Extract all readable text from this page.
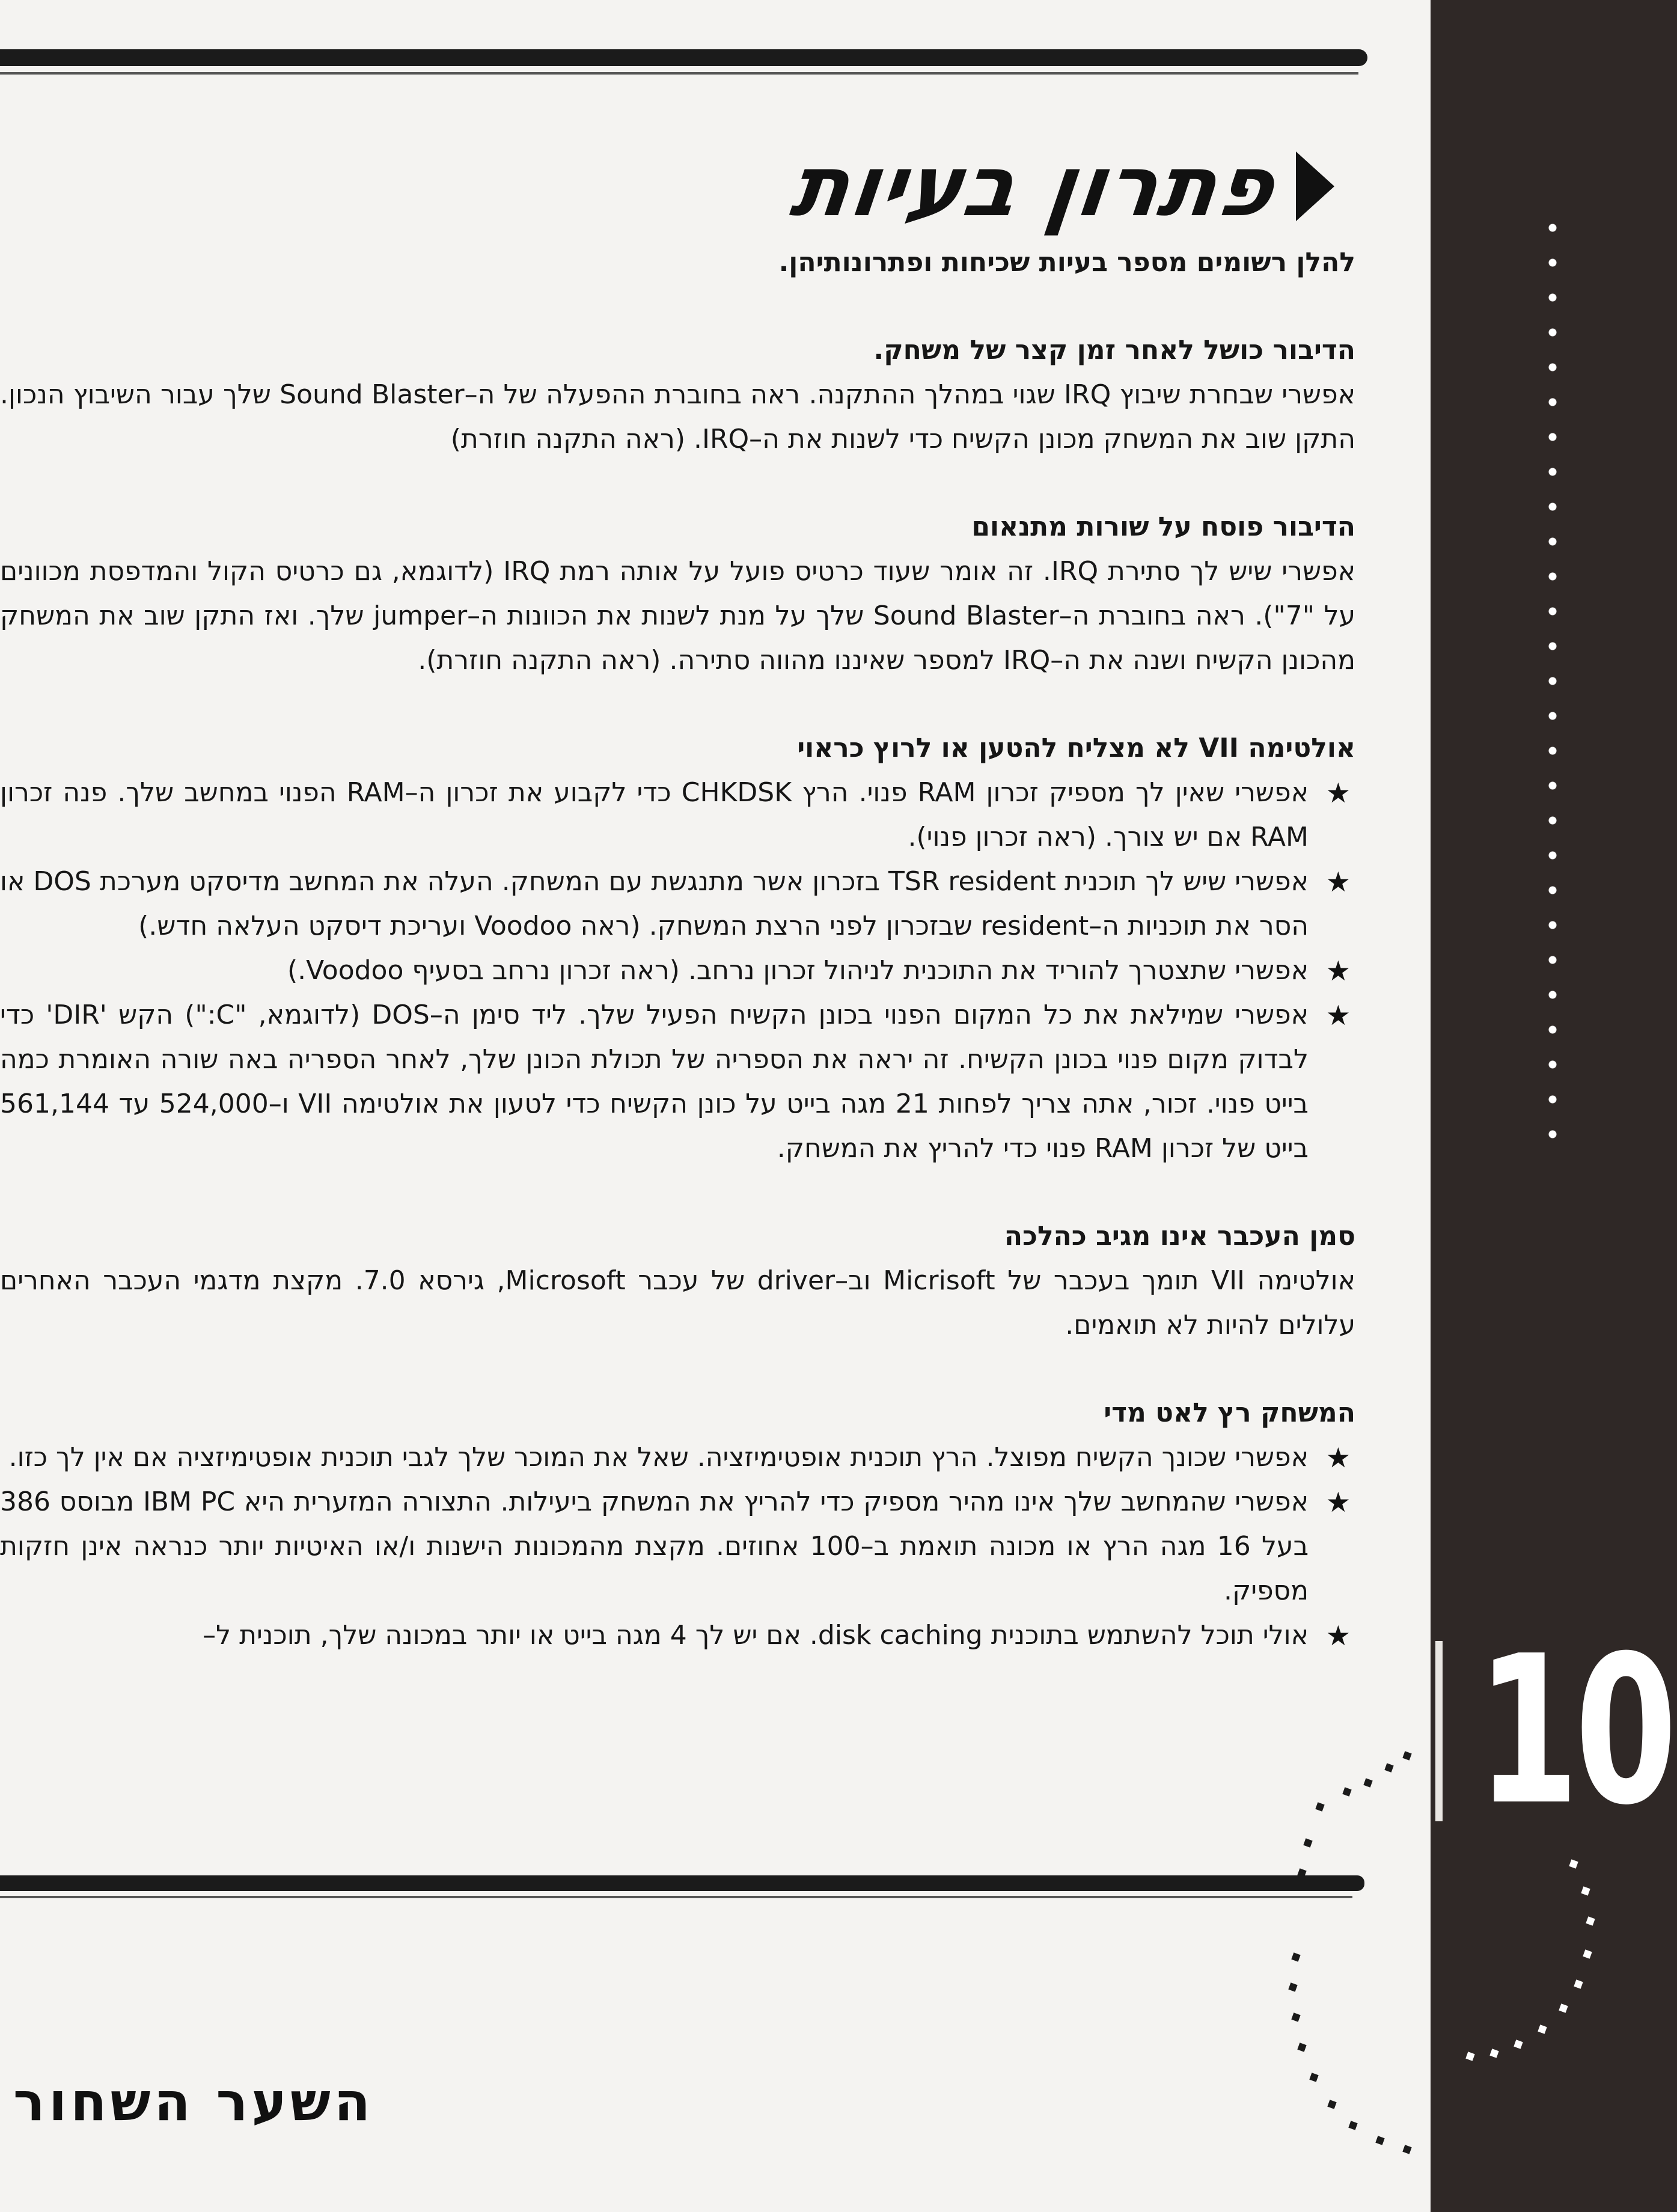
10
פתרון בעיות

להלן רשומים מספר בעיות שכיחות ופתרונותיהן.

הדיבור כושל לאחר זמן קצר של משחק.

אפשרי שבחרת שיבוץ IRQ שגוי במהלך ההתקנה. ראה בחוברת ההפעלה של ה–Sound Blaster שלך עבור השיבוץ הנכון. התקן שוב את המשחק מכונן הקשיח כדי לשנות את ה–IRQ. (ראה התקנה חוזרת)

הדיבור פוסח על שורות מתנאום

אפשרי שיש לך סתירת IRQ. זה אומר שעוד כרטיס פועל על אותה רמת IRQ (לדוגמא, גם כרטיס הקול והמדפסת מכוונים על "7"). ראה בחוברת ה–Sound Blaster שלך על מנת לשנות את הכוונות ה–jumper שלך. ואז התקן שוב את המשחק מהכונן הקשיח ושנה את ה–IRQ למספר שאיננו מהווה סתירה. (ראה התקנה חוזרת).

אולטימה VII לא מצליח להטען או לרוץ כראוי

★
אפשרי שאין לך מספיק זכרון RAM פנוי. הרץ CHKDSK כדי לקבוע את זכרון ה–RAM הפנוי במחשב שלך. פנה זכרון RAM אם יש צורך. (ראה זכרון פנוי).
★
אפשרי שיש לך תוכנית TSR resident בזכרון אשר מתנגשת עם המשחק. העלה את המחשב מדיסקט מערכת DOS או הסר את תוכניות ה–resident שבזכרון לפני הרצת המשחק. (ראה Voodoo ועריכת דיסקט העלאה חדש.)
★
אפשרי שתצטרך להוריד את התוכנית לניהול זכרון נרחב. (ראה זכרון נרחב בסעיף Voodoo.)
★
אפשרי שמילאת את כל המקום הפנוי בכונן הקשיח הפעיל שלך. ליד סימן ה–DOS (לדוגמא, "C:") הקש 'DIR' כדי לבדוק מקום פנוי בכונן הקשיח. זה יראה את הספריה של תכולת הכונן שלך, לאחר הספריה באה שורה האומרת כמה בייט פנוי. זכור, אתה צריך לפחות 21 מגה בייט על כונן הקשיח כדי לטעון את אולטימה VII ו–524,000 עד 561,144 בייט של זכרון RAM פנוי כדי להריץ את המשחק.

סמן העכבר אינו מגיב כהלכה

אולטימה VII תומך בעכבר של Micrisoft וב–driver של עכבר Microsoft, גירסא 7.0. מקצת מדגמי העכבר האחרים עלולים להיות לא תואמים.

המשחק רץ לאט מדי

★
אפשרי שכונך הקשיח מפוצל. הרץ תוכנית אופטימיזציה. שאל את המוכר שלך לגבי תוכנית אופטימיזציה אם אין לך כזו.
★
אפשרי שהמחשב שלך אינו מהיר מספיק כדי להריץ את המשחק ביעילות. התצורה המזערית היא IBM PC מבוסס 386 בעל 16 מגה הרץ או מכונה תואמת ב–100 אחוזים. מקצת מהמכונות הישנות ו/או האיטיות יותר כנראה אינן חזקות מספיק.
★
אולי תוכל להשתמש בתוכנית disk caching. אם יש לך 4 מגה בייט או יותר במכונה שלך, תוכנית ל–
השער השחור
